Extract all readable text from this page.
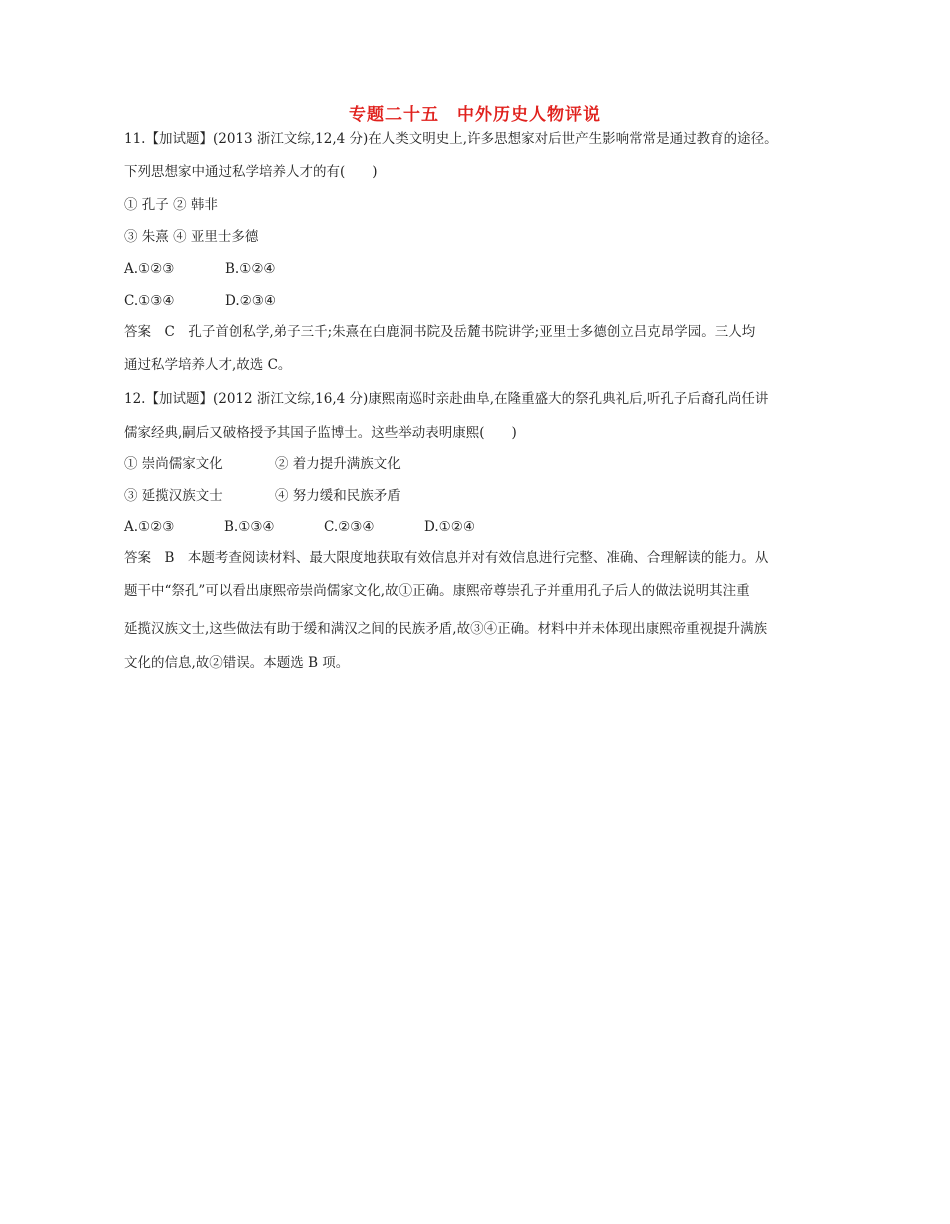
专题二十五　中外历史人物评说
11.【加试题】(2013 浙江文综,12,4 分)在人类文明史上,许多思想家对后世产生影响常常是通过教育的途径。
下列思想家中通过私学培养人才的有(　　)
① 孔子 ② 韩非
③ 朱熹 ④ 亚里士多德
A.①②③	B.①②④
C.①③④	D.②③④
答案　C　孔子首创私学,弟子三千;朱熹在白鹿洞书院及岳麓书院讲学;亚里士多德创立吕克昂学园。三人均
通过私学培养人才,故选 C。
12.【加试题】(2012 浙江文综,16,4 分)康熙南巡时亲赴曲阜,在隆重盛大的祭孔典礼后,听孔子后裔孔尚任讲
儒家经典,嗣后又破格授予其国子监博士。这些举动表明康熙(　　)
① 崇尚儒家文化	② 着力提升满族文化
③ 延揽汉族文士	④ 努力缓和民族矛盾
A.①②③	B.①③④	C.②③④	D.①②④
答案　B　本题考查阅读材料、最大限度地获取有效信息并对有效信息进行完整、准确、合理解读的能力。从
题干中“祭孔”可以看出康熙帝崇尚儒家文化,故①正确。康熙帝尊崇孔子并重用孔子后人的做法说明其注重
延揽汉族文士,这些做法有助于缓和满汉之间的民族矛盾,故③④正确。材料中并未体现出康熙帝重视提升满族
文化的信息,故②错误。本题选 B 项。
